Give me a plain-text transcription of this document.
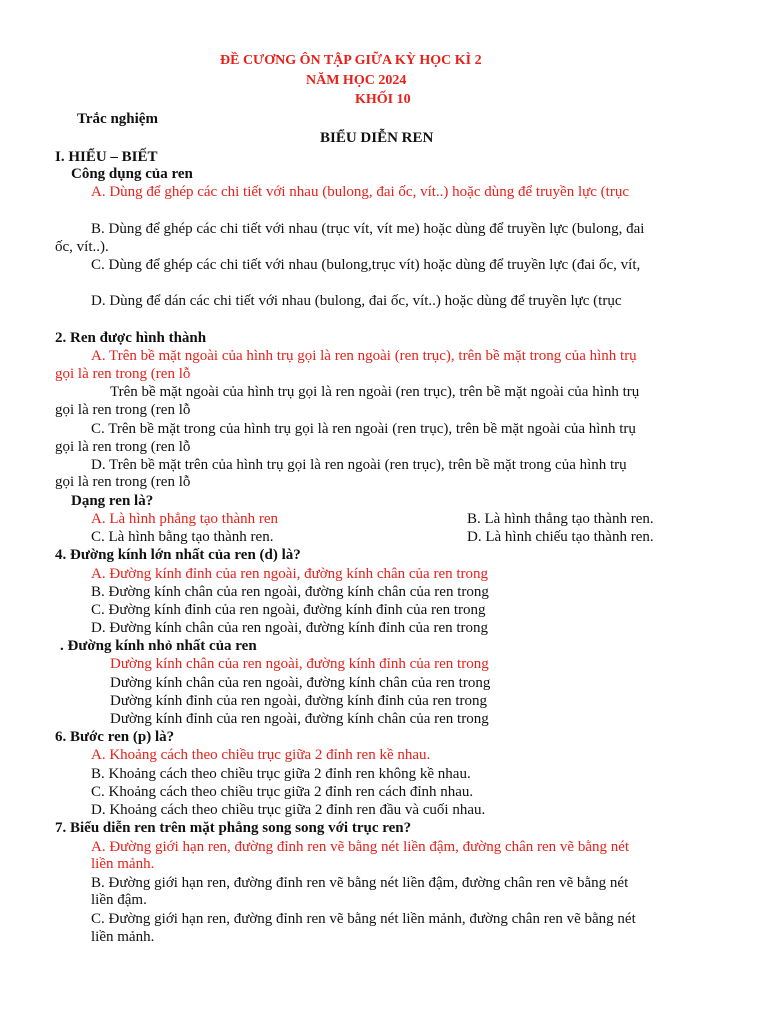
ĐỀ CƯƠNG ÔN TẬP GIỮA KỲ HỌC KÌ 2
NĂM HỌC 2024
KHỐI 10
Trắc nghiệm
BIỂU DIỄN REN
I. HIỂU – BIẾT
Công dụng của ren
A. Dùng để ghép các chi tiết với nhau (bulong, đai ốc, vít..) hoặc dùng để truyền lực (trục
B. Dùng để ghép các chi tiết với nhau (trục vít, vít me) hoặc dùng để truyền lực (bulong, đai
ốc, vít..).
C. Dùng để ghép các chi tiết với nhau (bulong,trục vít) hoặc dùng để truyền lực (đai ốc, vít,
D. Dùng để dán các chi tiết với nhau (bulong, đai ốc, vít..) hoặc dùng để truyền lực (trục
2. Ren được hình thành
A. Trên bề mặt ngoài của hình trụ gọi là ren ngoài (ren trục), trên bề mặt trong của hình trụ
gọi là ren trong (ren lỗ
Trên bề mặt ngoài của hình trụ gọi là ren ngoài (ren trục), trên bề mặt ngoài của hình trụ
gọi là ren trong (ren lỗ
C. Trên bề mặt trong của hình trụ gọi là ren ngoài (ren trục), trên bề mặt ngoài của hình trụ
gọi là ren trong (ren lỗ
D. Trên bề mặt trên của hình trụ gọi là ren ngoài (ren trục), trên bề mặt trong của hình trụ
gọi là ren trong (ren lỗ
Dạng ren là?
A. Là hình phẳng tạo thành ren	B. Là hình thẳng tạo thành ren.
C. Là hình bằng tạo thành ren.	D. Là hình chiếu tạo thành ren.
4. Đường kính lớn nhất của ren (d) là?
A. Đường kính đỉnh của ren ngoài, đường kính chân của ren trong
B. Đường kính chân của ren ngoài, đường kính chân của ren trong
C. Đường kính đỉnh của ren ngoài, đường kính đỉnh của ren trong
D. Đường kính chân của ren ngoài, đường kính đỉnh của ren trong
. Đường kính nhỏ nhất của ren
Dường kính chân của ren ngoài, đường kính đỉnh của ren trong
Dường kính chân của ren ngoài, đường kính chân của ren trong
Dường kính đỉnh của ren ngoài, đường kính đỉnh của ren trong
Dường kính đỉnh của ren ngoài, đường kính chân của ren trong
6. Bước ren (p) là?
A. Khoảng cách theo chiều trục giữa 2 đỉnh ren kề nhau.
B. Khoảng cách theo chiều trục giữa 2 đỉnh ren không kề nhau.
C. Khoảng cách theo chiều trục giữa 2 đỉnh ren cách đỉnh nhau.
D. Khoảng cách theo chiều trục giữa 2 đỉnh ren đầu và cuối nhau.
7. Biểu diễn ren trên mặt phẳng song song với trục ren?
A. Đường giới hạn ren, đường đỉnh ren vẽ bằng nét liền đậm, đường chân ren vẽ bằng nét
liền mảnh.
B. Đường giới hạn ren, đường đỉnh ren vẽ bằng nét liền đậm, đường chân ren vẽ bằng nét
liền đậm.
C. Đường giới hạn ren, đường đỉnh ren vẽ bằng nét liền mảnh, đường chân ren vẽ bằng nét
liền mảnh.
